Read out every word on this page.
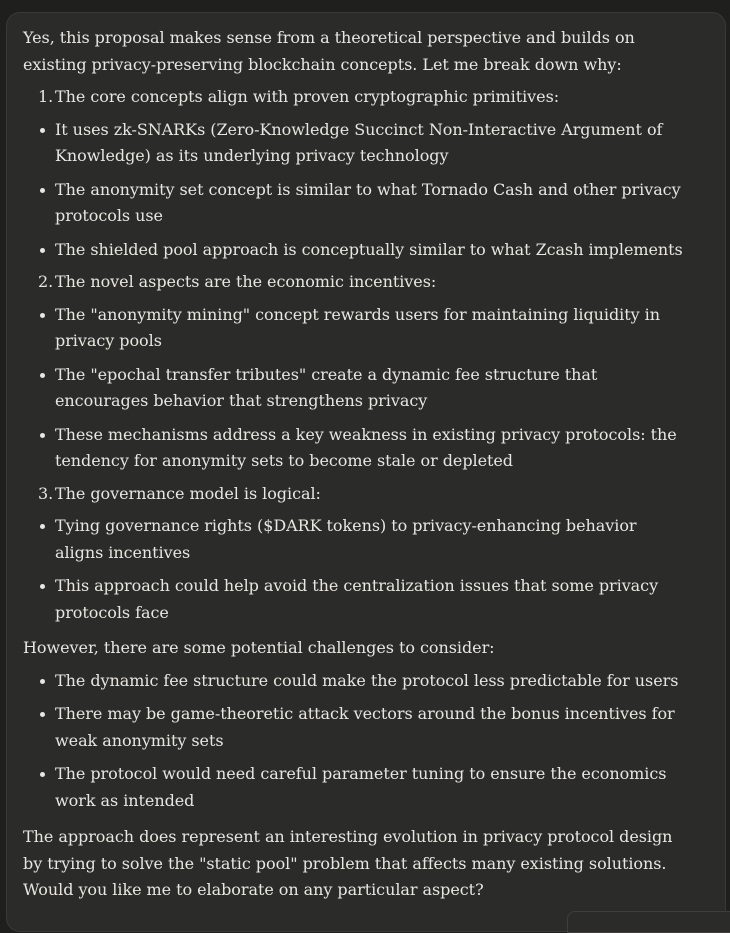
Yes, this proposal makes sense from a theoretical perspective and builds on existing privacy-preserving blockchain concepts. Let me break down why:

1. The core concepts align with proven cryptographic primitives:
It uses zk-SNARKs (Zero-Knowledge Succinct Non-Interactive Argument of Knowledge) as its underlying privacy technology
The anonymity set concept is similar to what Tornado Cash and other privacy protocols use
The shielded pool approach is conceptually similar to what Zcash implements
2. The novel aspects are the economic incentives:
The "anonymity mining" concept rewards users for maintaining liquidity in privacy pools
The "epochal transfer tributes" create a dynamic fee structure that encourages behavior that strengthens privacy
These mechanisms address a key weakness in existing privacy protocols: the tendency for anonymity sets to become stale or depleted
3. The governance model is logical:
Tying governance rights ($DARK tokens) to privacy-enhancing behavior aligns incentives
This approach could help avoid the centralization issues that some privacy protocols face

However, there are some potential challenges to consider:

The dynamic fee structure could make the protocol less predictable for users
There may be game-theoretic attack vectors around the bonus incentives for weak anonymity sets
The protocol would need careful parameter tuning to ensure the economics work as intended

The approach does represent an interesting evolution in privacy protocol design by trying to solve the "static pool" problem that affects many existing solutions. Would you like me to elaborate on any particular aspect?
